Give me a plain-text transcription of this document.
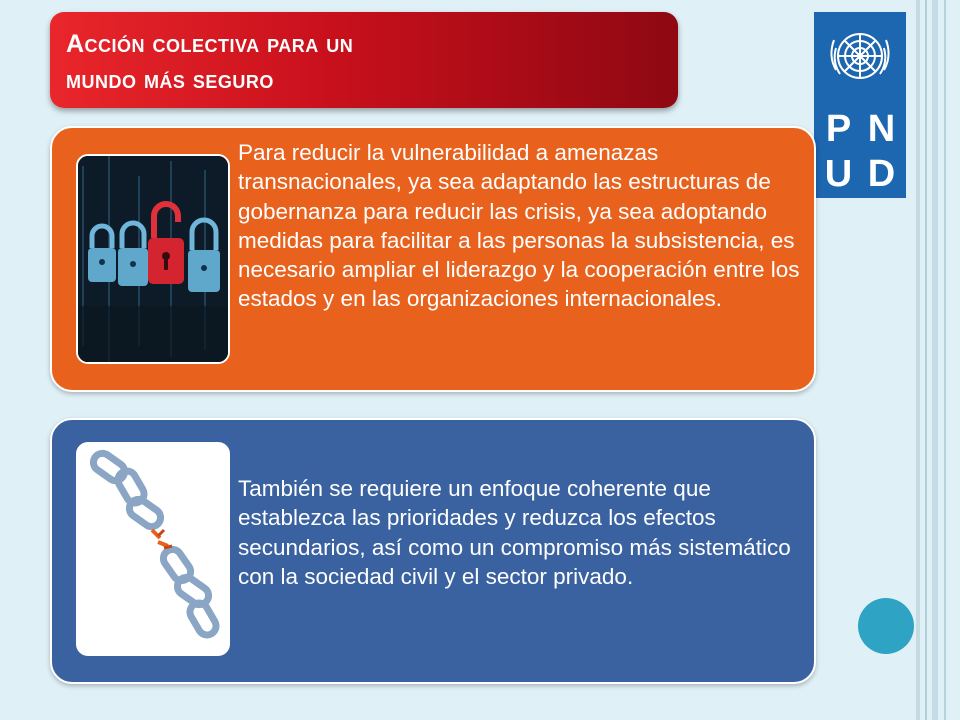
Acción colectiva para un
mundo más seguro

P N
U D

Para reducir la vulnerabilidad a amenazas transnacionales, ya sea adaptando las estructuras de gobernanza para reducir las crisis, ya sea adoptando medidas para facilitar a las personas la subsistencia, es necesario ampliar el liderazgo y la cooperación entre los estados y en las organizaciones internacionales.

También se requiere un enfoque coherente que establezca las prioridades y reduzca los efectos secundarios, así como un compromiso más sistemático con la sociedad civil y el sector privado.
